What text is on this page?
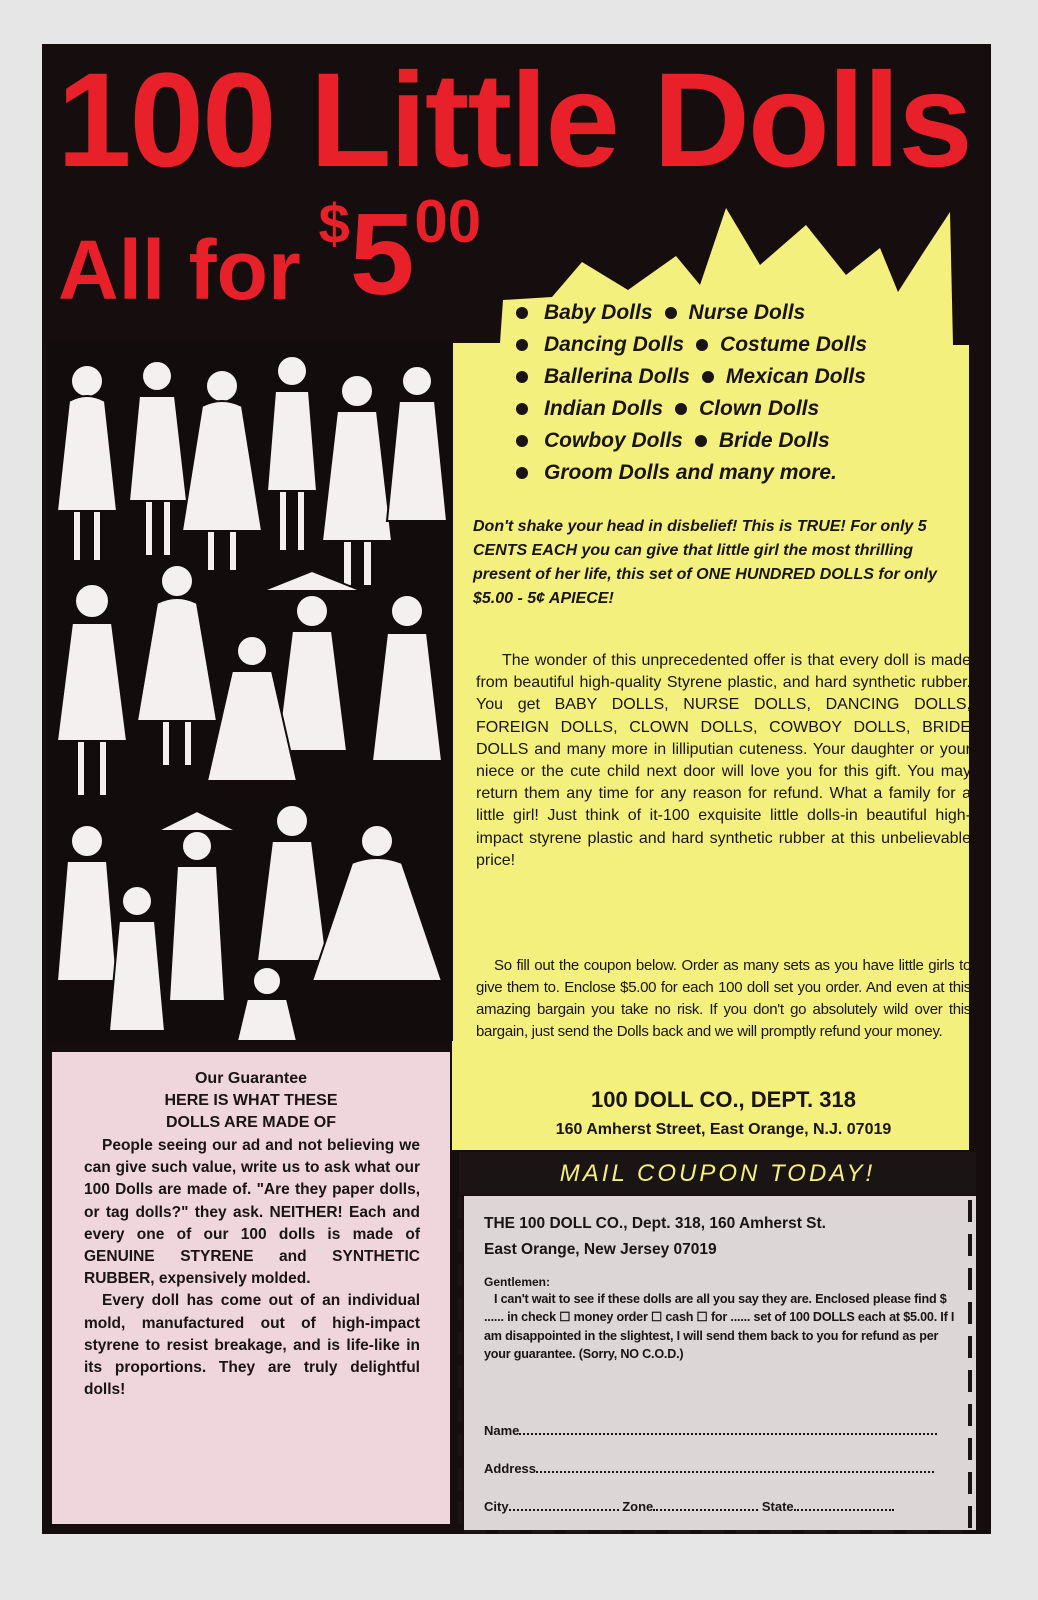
100 Little Dolls
All for $500
Baby Dolls Nurse Dolls
Dancing Dolls Costume Dolls
Ballerina Dolls Mexican Dolls
Indian Dolls Clown Dolls
Cowboy Dolls Bride Dolls
Groom Dolls and many more.
Don't shake your head in disbelief! This is TRUE! For only 5 CENTS EACH you can give that little girl the most thrilling present of her life, this set of ONE HUNDRED DOLLS for only $5.00 - 5¢ APIECE!
The wonder of this unprecedented offer is that every doll is made from beautiful high-quality Styrene plastic, and hard synthetic rubber. You get BABY DOLLS, NURSE DOLLS, DANCING DOLLS, FOREIGN DOLLS, CLOWN DOLLS, COWBOY DOLLS, BRIDE DOLLS and many more in lilliputian cuteness. Your daughter or your niece or the cute child next door will love you for this gift. You may return them any time for any reason for refund. What a family for a little girl! Just think of it-100 exquisite little dolls-in beautiful high-impact styrene plastic and hard synthetic rubber at this unbelievable price!
So fill out the coupon below. Order as many sets as you have little girls to give them to. Enclose $5.00 for each 100 doll set you order. And even at this amazing bargain you take no risk. If you don't go absolutely wild over this bargain, just send the Dolls back and we will promptly refund your money.
100 DOLL CO., DEPT. 318
160 Amherst Street, East Orange, N.J. 07019
MAIL COUPON TODAY!
THE 100 DOLL CO., Dept. 318, 160 Amherst St.
East Orange, New Jersey 07019
Gentlemen:
I can't wait to see if these dolls are all you say they are. Enclosed please find $ ...... in check ☐ money order ☐ cash ☐ for ...... set of 100 DOLLS each at $5.00. If I am disappointed in the slightest, I will send them back to you for refund as per your guarantee. (Sorry, NO C.O.D.)
Name
Address
City	Zone	State
Our Guarantee
HERE IS WHAT THESE
DOLLS ARE MADE OF

People seeing our ad and not believing we can give such value, write us to ask what our 100 Dolls are made of. "Are they paper dolls, or tag dolls?" they ask. NEITHER! Each and every one of our 100 dolls is made of GENUINE STYRENE and SYNTHETIC RUBBER, expensively molded.

Every doll has come out of an individual mold, manufactured out of high-impact styrene to resist breakage, and is life-like in its proportions. They are truly delightful dolls!
